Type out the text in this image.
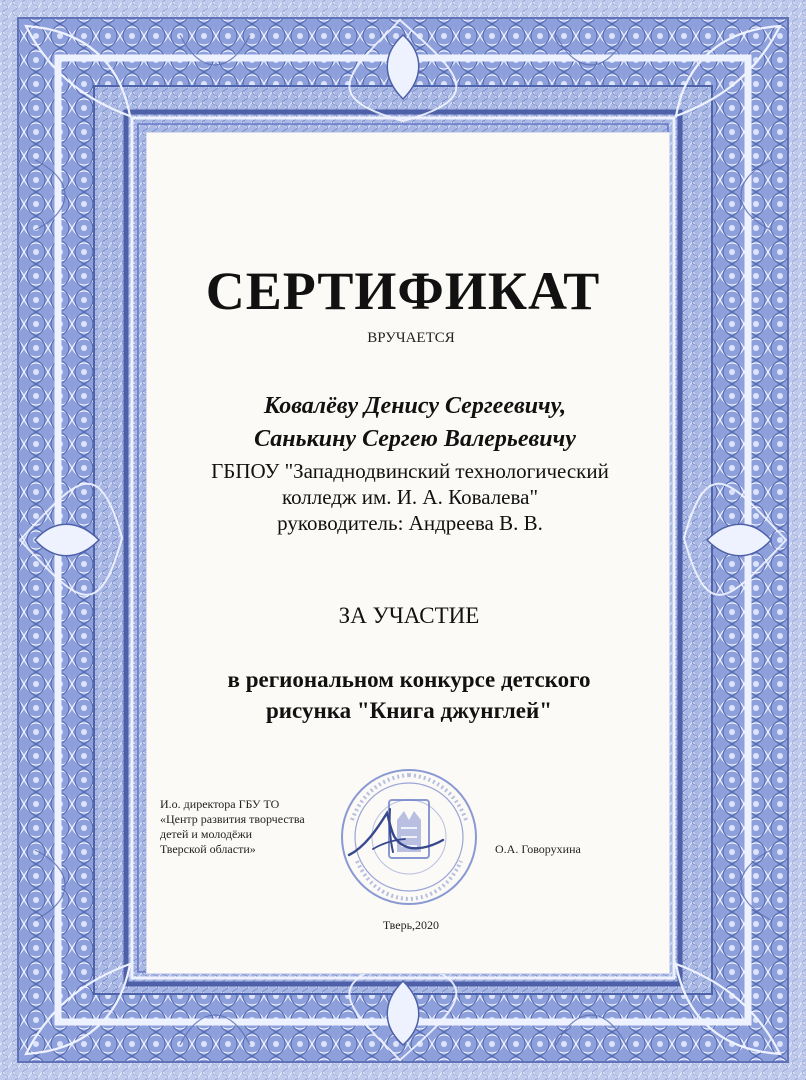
СЕРТИФИКАТ
ВРУЧАЕТСЯ
Ковалёву Денису Сергеевичу,
Санькину Сергею Валерьевичу
ГБПОУ "Западнодвинский технологический
колледж им. И. А. Ковалева"
руководитель: Андреева В. В.
ЗА УЧАСТИЕ
в региональном конкурсе детского
рисунка "Книга джунглей"
И.о. директора ГБУ ТО
«Центр развития творчества
детей и молодёжи
Тверской области»	О.А. Говорухина
Тверь,2020
